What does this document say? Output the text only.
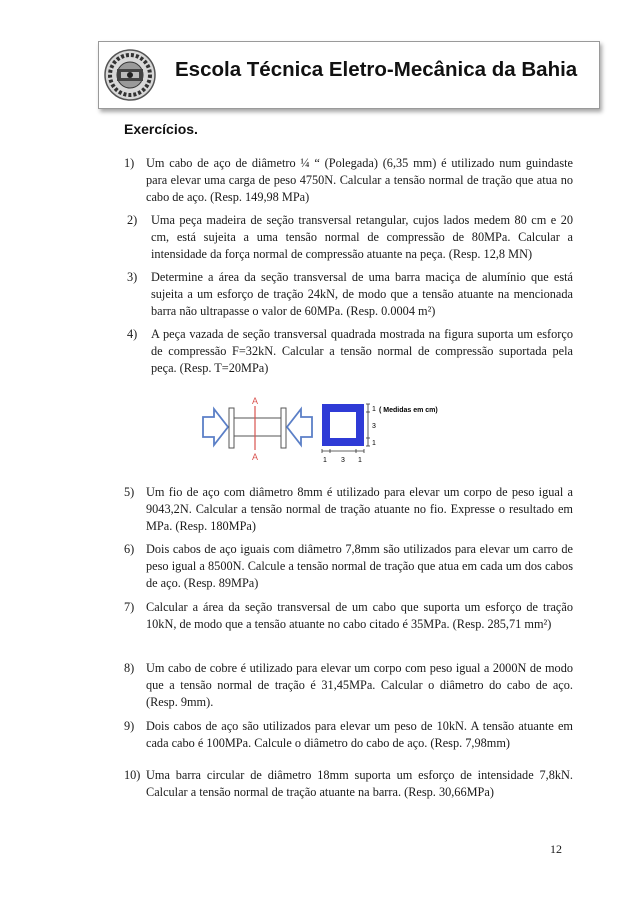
Escola Técnica Eletro-Mecânica da Bahia
Exercícios.
1) Um cabo de aço de diâmetro ¼ “ (Polegada) (6,35 mm) é utilizado num guindaste para elevar uma carga de peso 4750N. Calcular a tensão normal de tração que atua no cabo de aço. (Resp. 149,98 MPa)
2)	Uma peça madeira de seção transversal retangular, cujos lados medem 80 cm e 20 cm, está sujeita a uma tensão normal de compressão de 80MPa. Calcular a intensidade da força normal de compressão atuante na peça. (Resp. 12,8 MN)
3)	Determine a área da seção transversal de uma barra maciça de alumínio que está sujeita a um esforço de tração 24kN, de modo que a tensão atuante na mencionada barra não ultrapasse o valor de 60MPa. (Resp. 0.0004 m²)
4)	A peça vazada de seção transversal quadrada mostrada na figura suporta um esforço de compressão F=32kN. Calcular a tensão normal de compressão suportada pela peça. (Resp. T=20MPa)
A
A
1
3
1
( Medidas em cm)
1 3 1
5) Um fio de aço com diâmetro 8mm é utilizado para elevar um corpo de peso igual a 9043,2N. Calcular a tensão normal de tração atuante no fio. Expresse o resultado em MPa. (Resp. 180MPa)
6) Dois cabos de aço iguais com diâmetro 7,8mm são utilizados para elevar um carro de peso igual a 8500N. Calcule a tensão normal de tração que atua em cada um dos cabos de aço. (Resp. 89MPa)
7) Calcular a área da seção transversal de um cabo que suporta um esforço de tração 10kN, de modo que a tensão atuante no cabo citado é 35MPa. (Resp. 285,71 mm²)
8) Um cabo de cobre é utilizado para elevar um corpo com peso igual a 2000N de modo que a tensão normal de tração é 31,45MPa. Calcular o diâmetro do cabo de aço. (Resp. 9mm).
9) Dois cabos de aço são utilizados para elevar um peso de 10kN. A tensão atuante em cada cabo é 100MPa. Calcule o diâmetro do cabo de aço. (Resp. 7,98mm)
10) Uma barra circular de diâmetro 18mm suporta um esforço de intensidade 7,8kN. Calcular a tensão normal de tração atuante na barra. (Resp. 30,66MPa)
12
